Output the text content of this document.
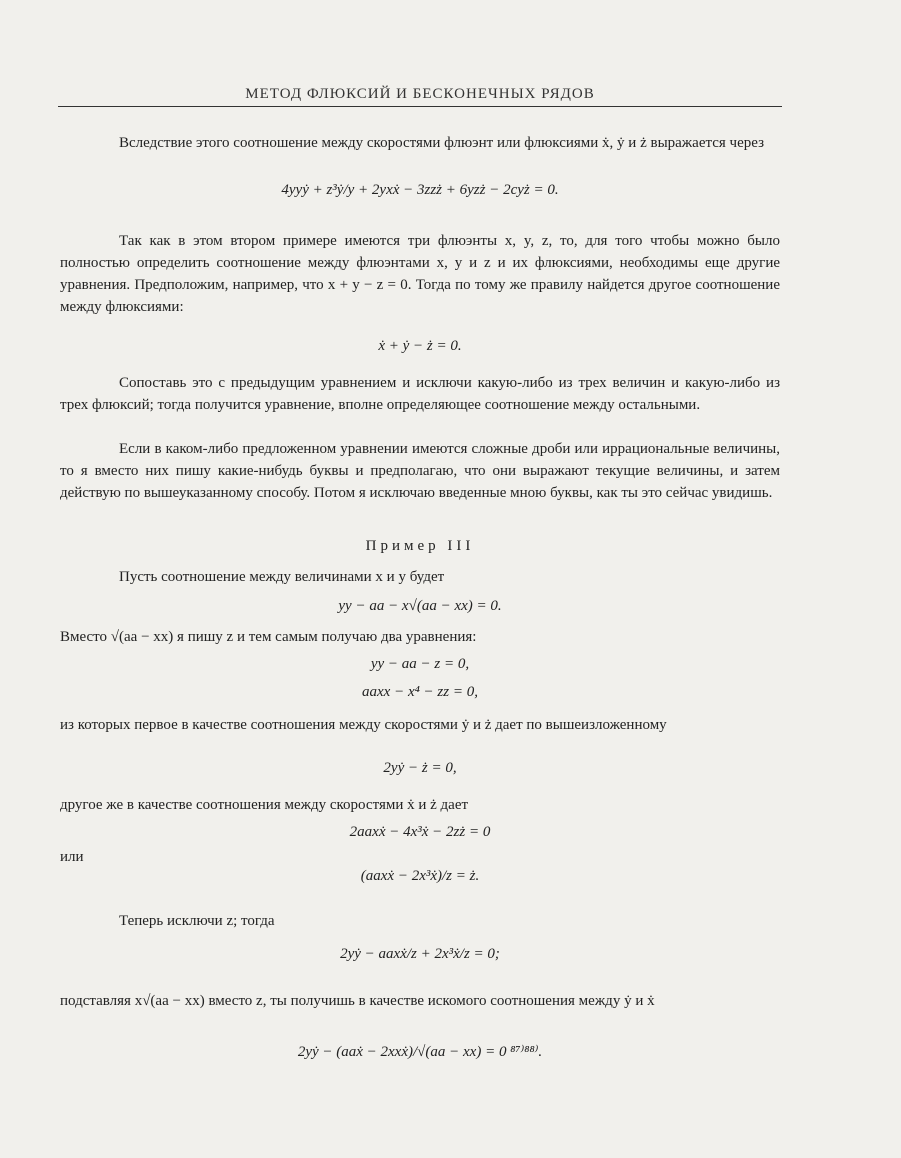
МЕТОД ФЛЮКСИЙ И БЕСКОНЕЧНЫХ РЯДОВ
Вследствие этого соотношение между скоростями флюэнт или флюксиями ẋ, ẏ и ż выражается через
4yyẏ + z³ẏ/y + 2yxẋ − 3zzż + 6yzż − 2cyż = 0.
Так как в этом втором примере имеются три флюэнты x, y, z, то, для того чтобы можно было полностью определить соотношение между флюэнтами x, y и z и их флюксиями, необходимы еще другие уравнения. Предположим, например, что x + y − z = 0. Тогда по тому же правилу найдется другое соотношение между флюксиями:
ẋ + ẏ − ż = 0.
Сопоставь это с предыдущим уравнением и исключи какую-либо из трех величин и какую-либо из трех флюксий; тогда получится уравнение, вполне определяющее соотношение между остальными.
Если в каком-либо предложенном уравнении имеются сложные дроби или иррациональные величины, то я вместо них пишу какие-нибудь буквы и предполагаю, что они выражают текущие величины, и затем действую по вышеуказанному способу. Потом я исключаю введенные мною буквы, как ты это сейчас увидишь.
Пример III
Пусть соотношение между величинами x и y будет
yy − aa − x√(aa − xx) = 0.
Вместо √(aa − xx) я пишу z и тем самым получаю два уравнения:
yy − aa − z = 0,
aaxx − x⁴ − zz = 0,
из которых первое в качестве соотношения между скоростями ẏ и ż дает по вышеизложенному
2yẏ − ż = 0,
другое же в качестве соотношения между скоростями ẋ и ż дает
2aaxẋ − 4x³ẋ − 2zż = 0
или
(aaxẋ − 2x³ẋ)/z = ż.
Теперь исключи z; тогда
2yẏ − aaxẋ/z + 2x³ẋ/z = 0;
подставляя x√(aa − xx) вместо z, ты получишь в качестве искомого соотношения между ẏ и ẋ
2yẏ − (aaẋ − 2xxẋ)/√(aa − xx) = 0 ⁸⁷⁾⁸⁸⁾.
